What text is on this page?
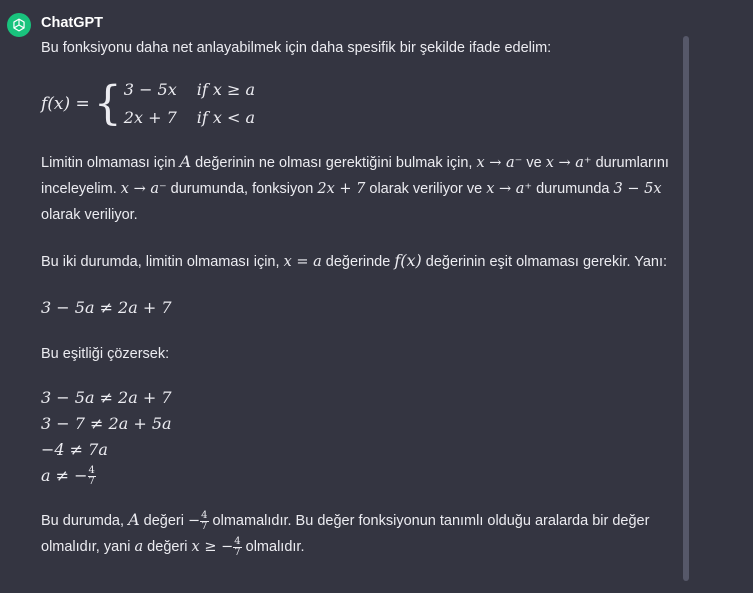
ChatGPT

Bu fonksiyonu daha net anlayabilmek için daha spesifik bir şekilde ifade edelim:

f(x) = { 3 − 5x if x ≥ a
2x + 7 if x < a

Limitin olmaması için A değerinin ne olması gerektiğini bulmak için, x → a⁻ ve x → a⁺ durumlarını inceleyelim. x → a⁻ durumunda, fonksiyon 2x + 7 olarak veriliyor ve x → a⁺ durumunda 3 − 5x olarak veriliyor.

Bu iki durumda, limitin olmaması için, x = a değerinde f(x) değerinin eşit olmaması gerekir. Yanı:

3 − 5a ≠ 2a + 7

Bu eşitliği çözersek:

3 − 5a ≠ 2a + 7
3 − 7 ≠ 2a + 5a
−4 ≠ 7a
a ≠ − $\frac{4}{7}$

Bu durumda, A değeri − $\frac{4}{7}$ olmamalıdır. Bu değer fonksiyonun tanımlı olduğu aralarda bir değer olmalıdır, yani a değeri x ≥ − $\frac{4}{7}$ olmalıdır.
